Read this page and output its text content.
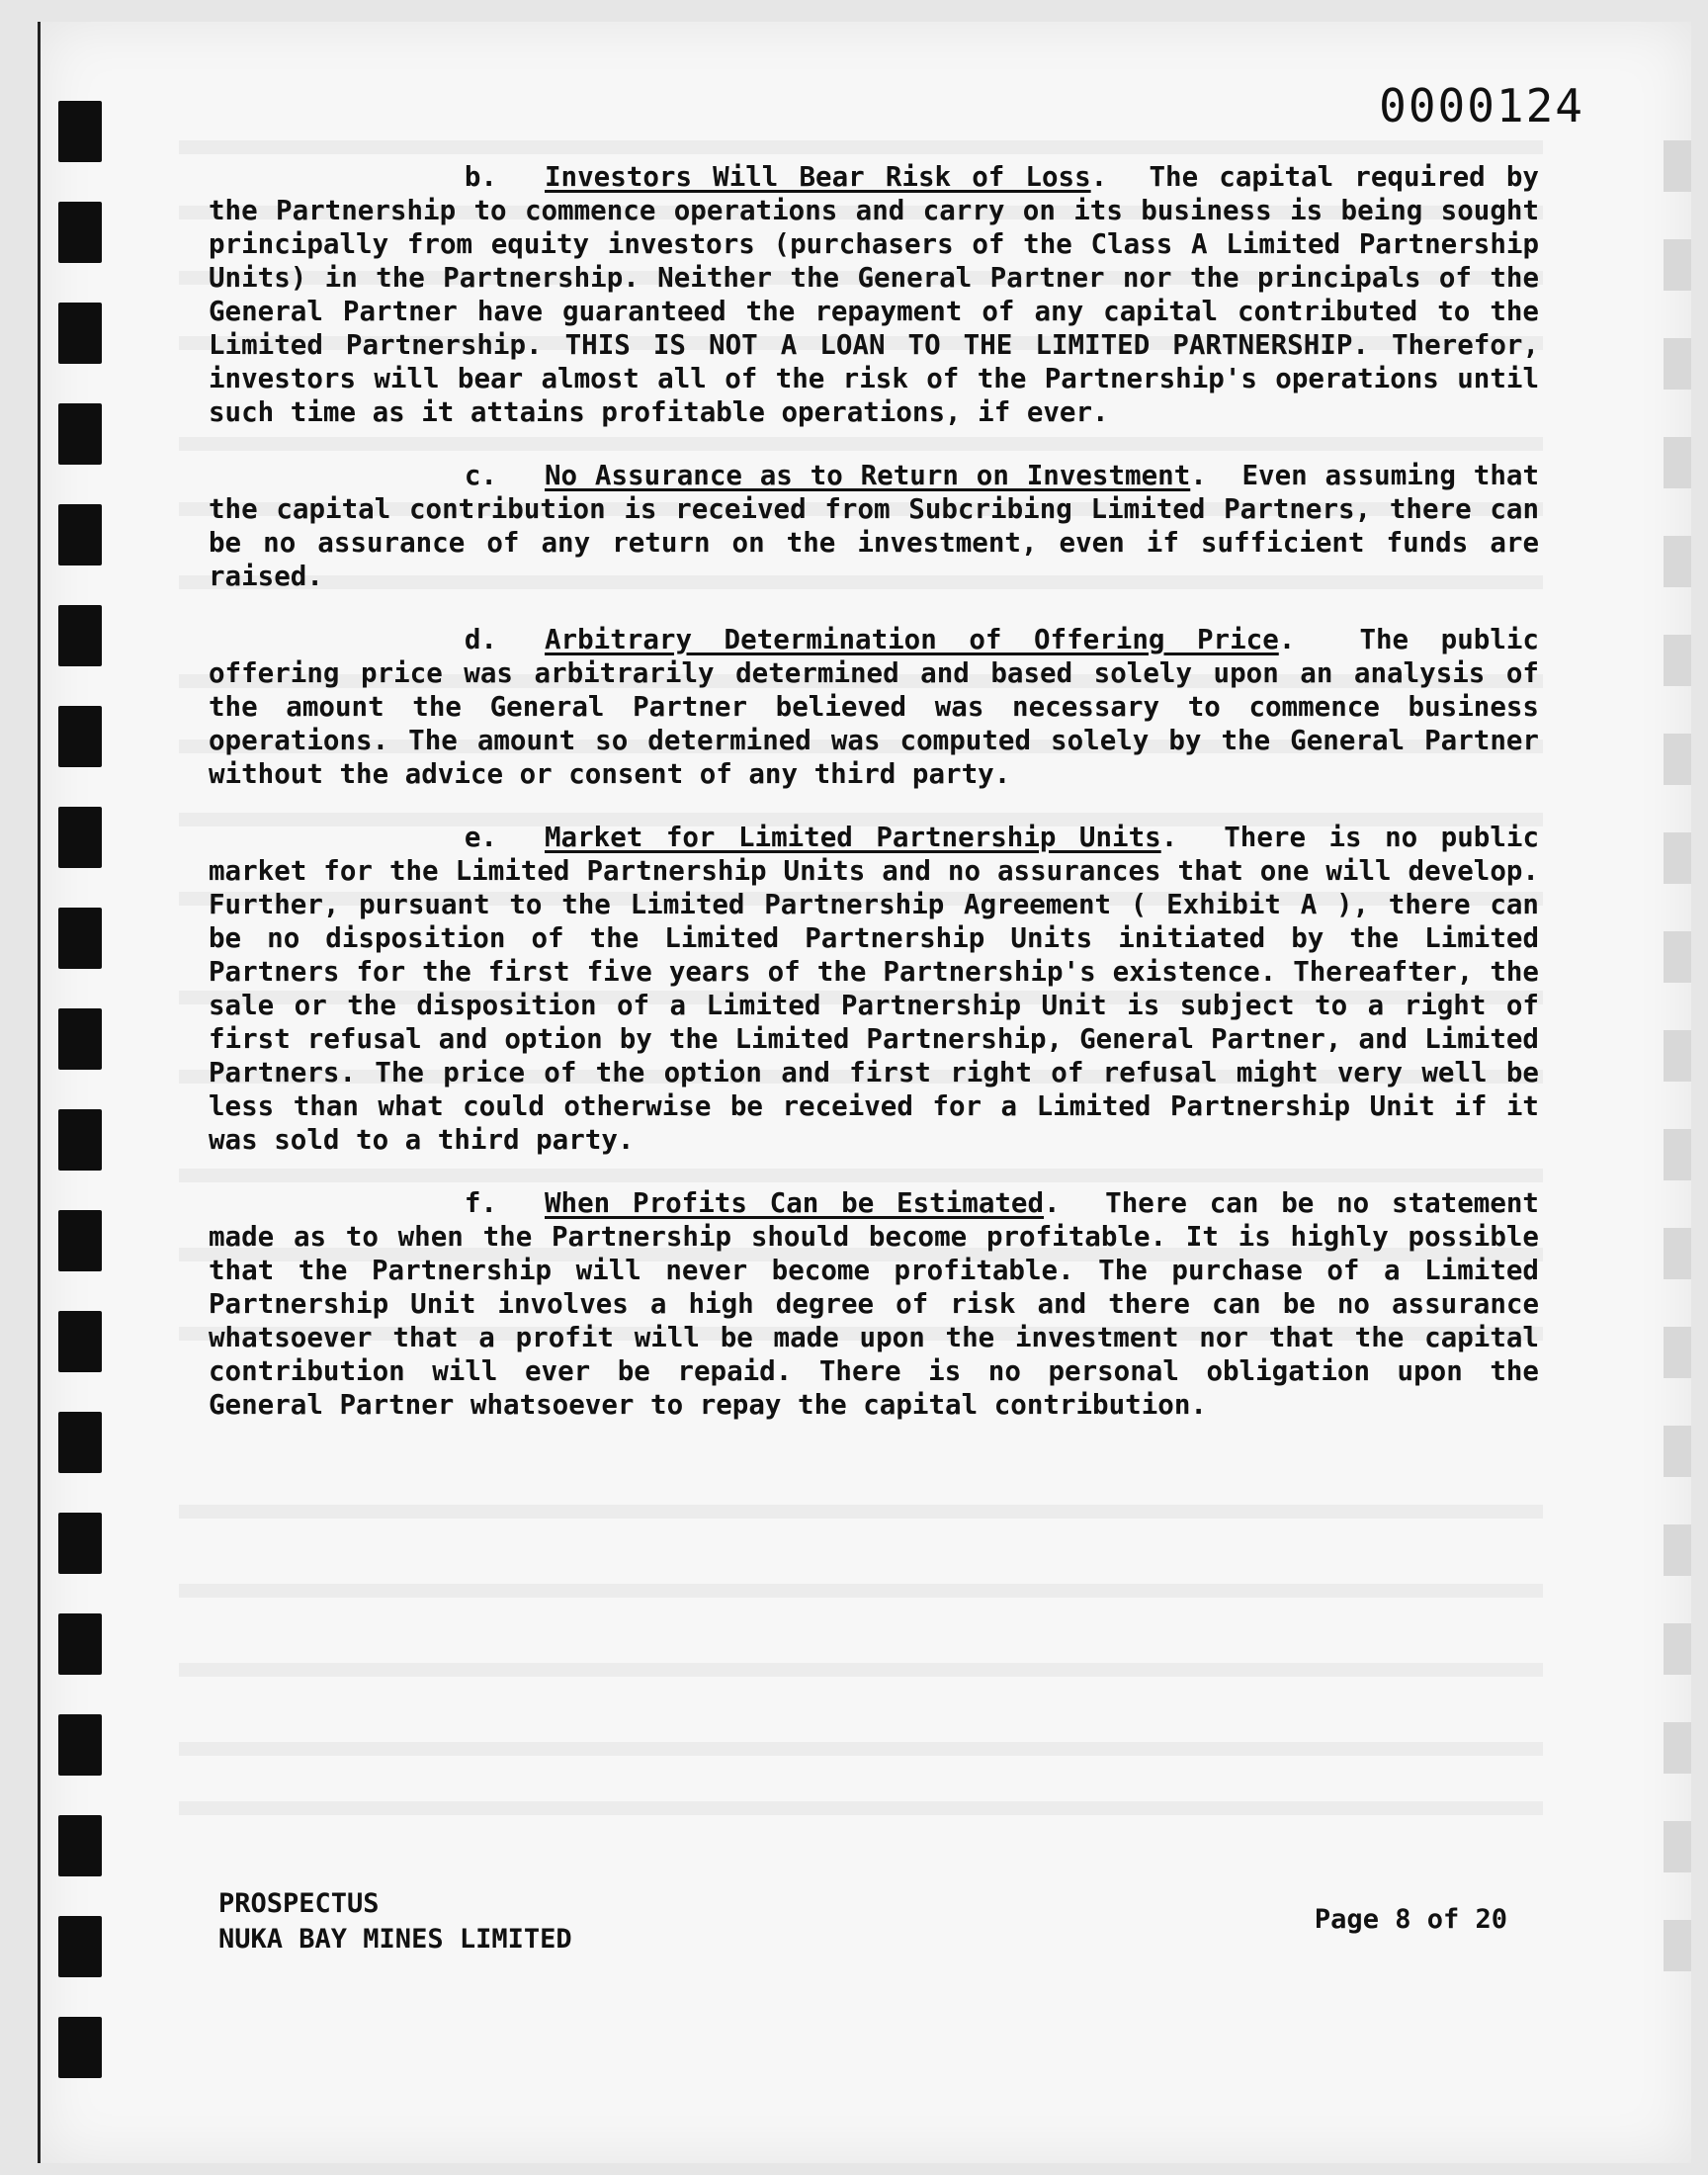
0000124

b. Investors Will Bear Risk of Loss.  The capital required by the Partnership to commence operations and carry on its business is being sought principally from equity investors (purchasers of the Class A Limited Partnership Units) in the Partnership. Neither the General Partner nor the principals of the General Partner have guaranteed the repayment of any capital contributed to the Limited Partnership. THIS IS NOT A LOAN TO THE LIMITED PARTNERSHIP. Therefor, investors will bear almost all of the risk of the Partnership's operations until such time as it attains profitable operations, if ever.

c. No Assurance as to Return on Investment.  Even assuming that the capital contribution is received from Subcribing Limited Partners, there can be no assurance of any return on the investment, even if sufficient funds are raised.

d. Arbitrary Determination of Offering Price.  The public offering price was arbitrarily determined and based solely upon an analysis of the amount the General Partner believed was necessary to commence business operations. The amount so determined was computed solely by the General Partner without the advice or consent of any third party.

e. Market for Limited Partnership Units.  There is no public market for the Limited Partnership Units and no assurances that one will develop. Further, pursuant to the Limited Partnership Agreement ( Exhibit A ), there can be no disposition of the Limited Partnership Units initiated by the Limited Partners for the first five years of the Partnership's existence. Thereafter, the sale or the disposition of a Limited Partnership Unit is subject to a right of first refusal and option by the Limited Partnership, General Partner, and Limited Partners. The price of the option and first right of refusal might very well be less than what could otherwise be received for a Limited Partnership Unit if it was sold to a third party.

f. When Profits Can be Estimated.  There can be no statement made as to when the Partnership should become profitable. It is highly possible that the Partnership will never become profitable. The purchase of a Limited Partnership Unit involves a high degree of risk and there can be no assurance whatsoever that a profit will be made upon the investment nor that the capital contribution will ever be repaid. There is no personal obligation upon the General Partner whatsoever to repay the capital contribution.

PROSPECTUS
NUKA BAY MINES LIMITED
Page 8 of 20
